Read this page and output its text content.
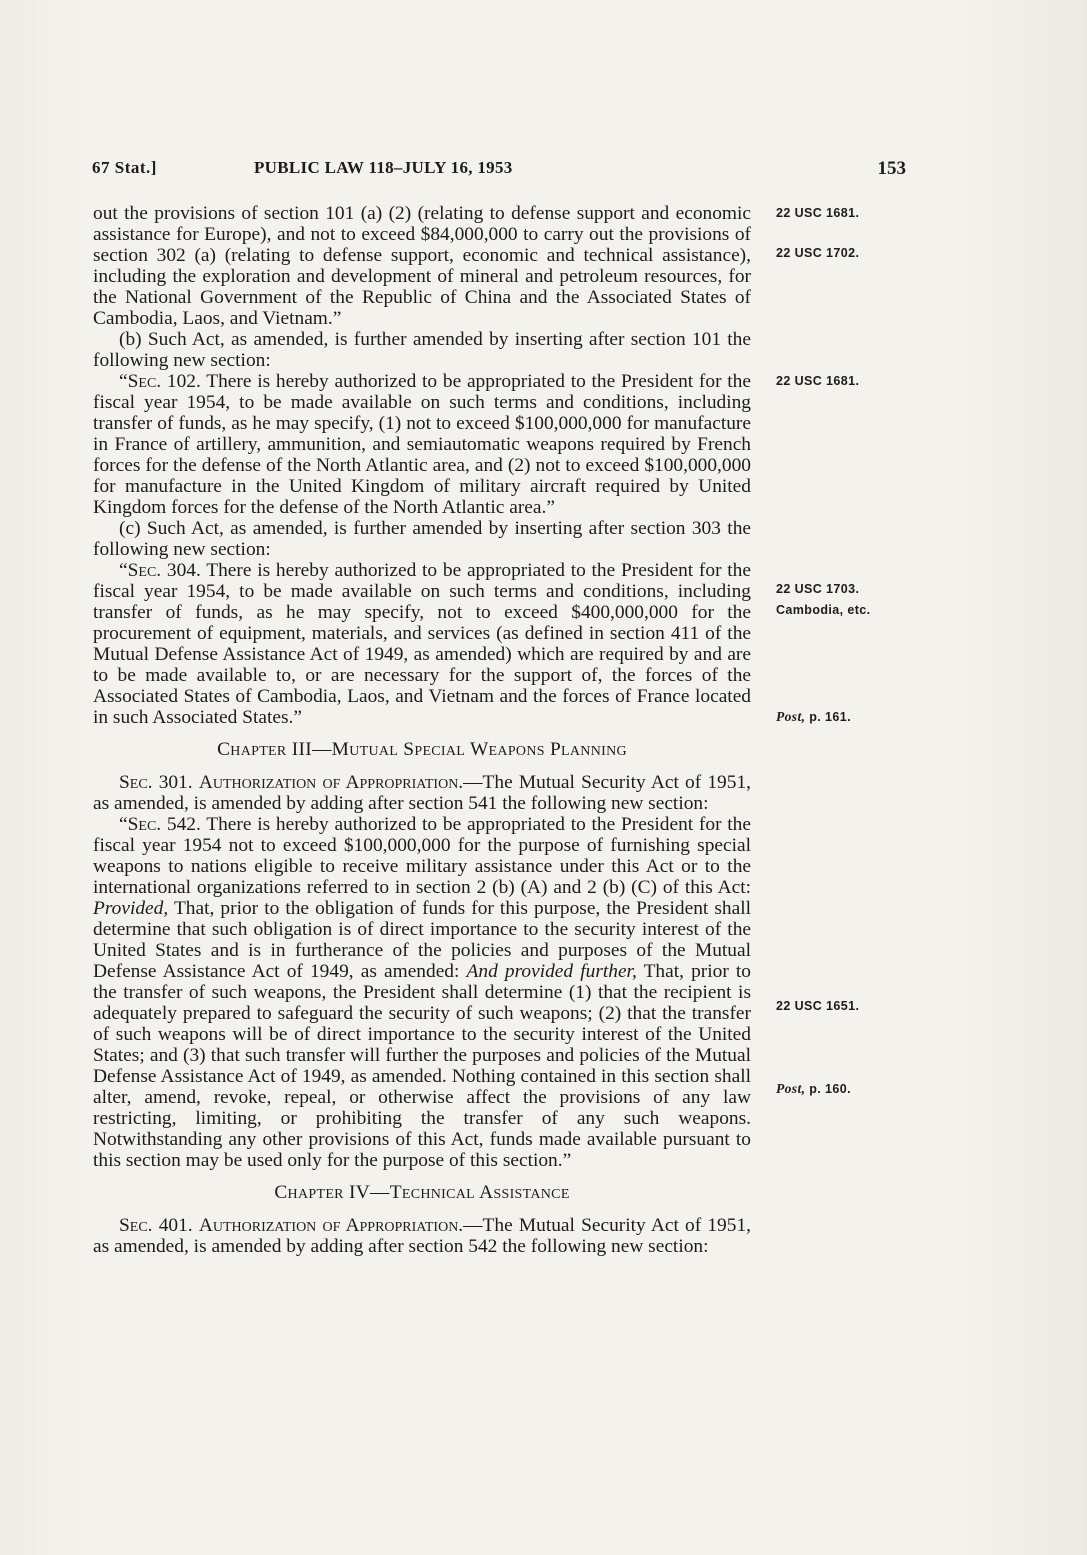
67 Stat.]	PUBLIC LAW 118–JULY 16, 1953	153

out the provisions of section 101 (a) (2) (relating to defense support and economic assistance for Europe), and not to exceed $84,000,000 to carry out the provisions of section 302 (a) (relating to defense support, economic and technical assistance), including the exploration and development of mineral and petroleum resources, for the National Government of the Republic of China and the Associated States of Cambodia, Laos, and Vietnam.”

(b) Such Act, as amended, is further amended by inserting after section 101 the following new section:

“Sec. 102. There is hereby authorized to be appropriated to the President for the fiscal year 1954, to be made available on such terms and conditions, including transfer of funds, as he may specify, (1) not to exceed $100,000,000 for manufacture in France of artillery, ammunition, and semiautomatic weapons required by French forces for the defense of the North Atlantic area, and (2) not to exceed $100,000,000 for manufacture in the United Kingdom of military aircraft required by United Kingdom forces for the defense of the North Atlantic area.”

(c) Such Act, as amended, is further amended by inserting after section 303 the following new section:

“Sec. 304. There is hereby authorized to be appropriated to the President for the fiscal year 1954, to be made available on such terms and conditions, including transfer of funds, as he may specify, not to exceed $400,000,000 for the procurement of equipment, materials, and services (as defined in section 411 of the Mutual Defense Assistance Act of 1949, as amended) which are required by and are to be made available to, or are necessary for the support of, the forces of the Associated States of Cambodia, Laos, and Vietnam and the forces of France located in such Associated States.”

Chapter III—Mutual Special Weapons Planning

Sec. 301. Authorization of Appropriation.—The Mutual Security Act of 1951, as amended, is amended by adding after section 541 the following new section:

“Sec. 542. There is hereby authorized to be appropriated to the President for the fiscal year 1954 not to exceed $100,000,000 for the purpose of furnishing special weapons to nations eligible to receive military assistance under this Act or to the international organizations referred to in section 2 (b) (A) and 2 (b) (C) of this Act: Provided, That, prior to the obligation of funds for this purpose, the President shall determine that such obligation is of direct importance to the security interest of the United States and is in furtherance of the policies and purposes of the Mutual Defense Assistance Act of 1949, as amended: And provided further, That, prior to the transfer of such weapons, the President shall determine (1) that the recipient is adequately prepared to safeguard the security of such weapons; (2) that the transfer of such weapons will be of direct importance to the security interest of the United States; and (3) that such transfer will further the purposes and policies of the Mutual Defense Assistance Act of 1949, as amended. Nothing contained in this section shall alter, amend, revoke, repeal, or otherwise affect the provisions of any law restricting, limiting, or prohibiting the transfer of any such weapons. Notwithstanding any other provisions of this Act, funds made available pursuant to this section may be used only for the purpose of this section.”

Chapter IV—Technical Assistance

Sec. 401. Authorization of Appropriation.—The Mutual Security Act of 1951, as amended, is amended by adding after section 542 the following new section:

22 USC 1681.
22 USC 1702.
22 USC 1681.
22 USC 1703.
Cambodia, etc.
Post, p. 161.
22 USC 1651.
Post, p. 160.
